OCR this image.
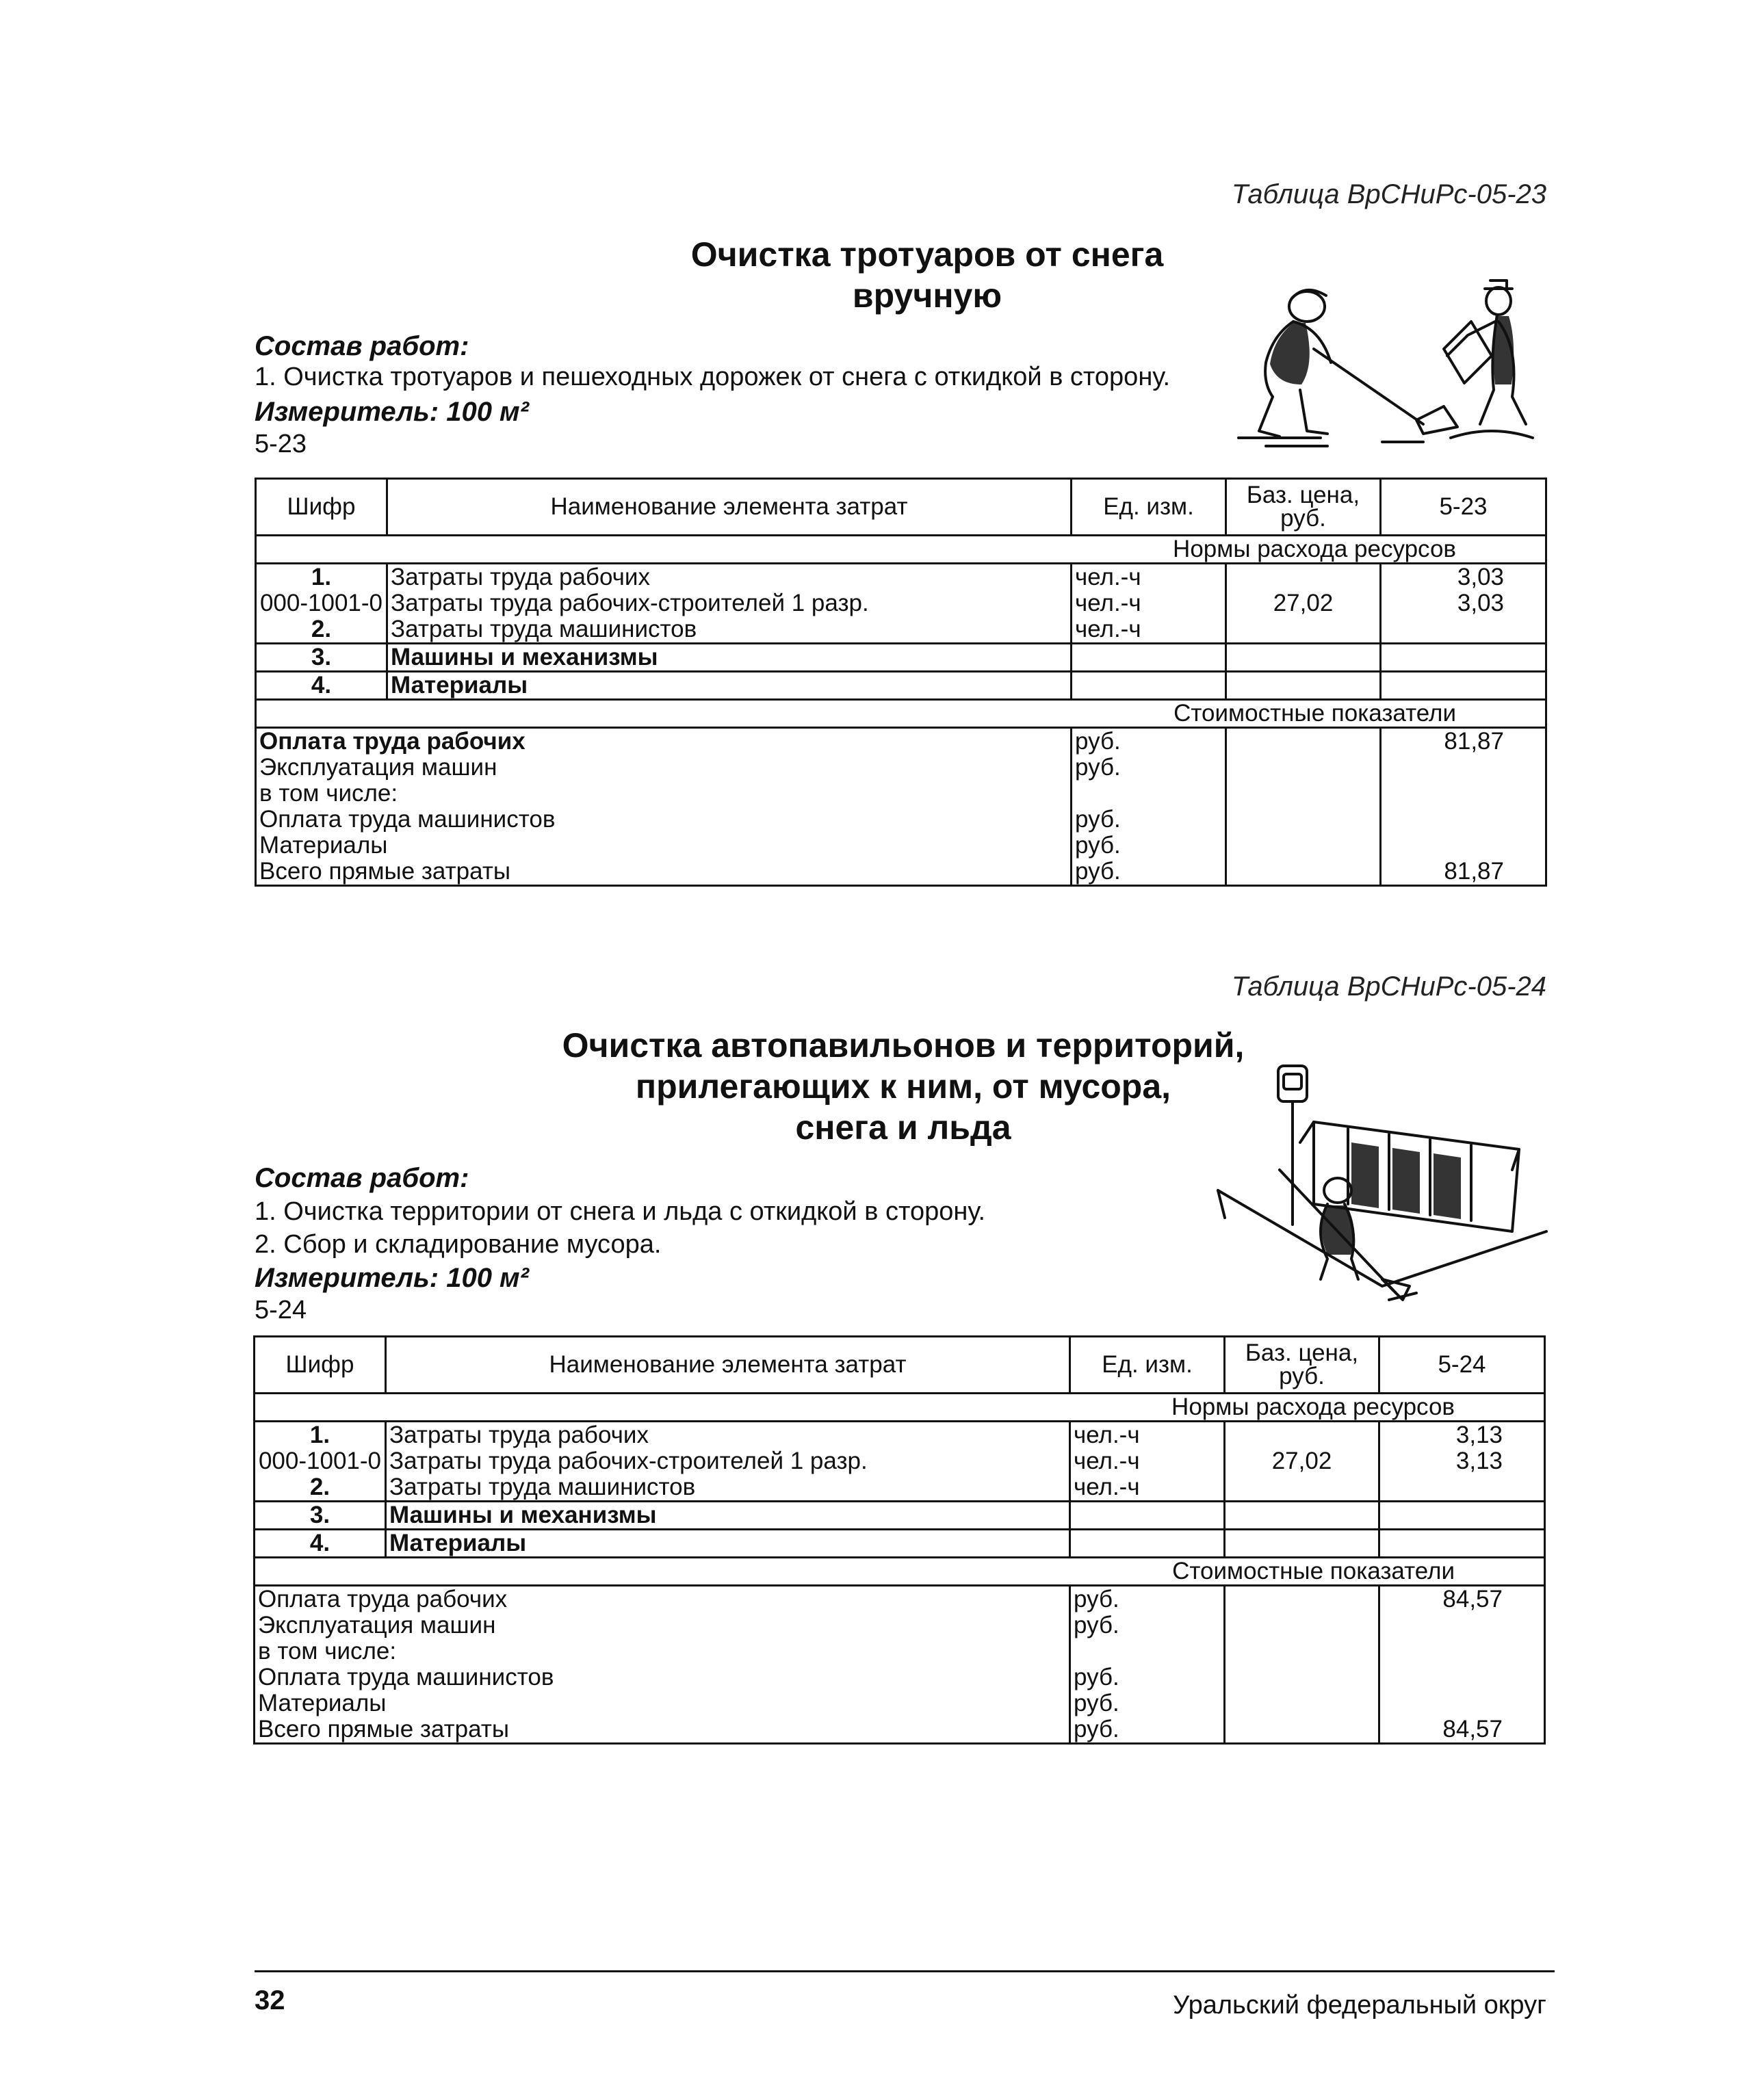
Таблица ВрСНиРс-05-23
Очистка тротуаров от снега
вручную
Состав работ:
1. Очистка тротуаров и пешеходных дорожек от снега с откидкой в сторону.
Измеритель: 100 м²
5-23
Шифр	Наименование элемента затрат	Ед. изм.	Баз. цена, руб.	5-23
Нормы расхода ресурсов				
1.	Затраты труда рабочих	чел.-ч		3,03
000-1001-0	Затраты труда рабочих-строителей 1 разр.	чел.-ч	27,02	3,03
2.	Затраты труда машинистов	чел.-ч		
3.	Машины и механизмы			
4.	Материалы			
Стоимостные показатели				
Оплата труда рабочих		руб.		81,87
Эксплуатация машин		руб.		
в том числе:				
Оплата труда машинистов		руб.		
Материалы		руб.		
Всего прямые затраты		руб.		81,87
Таблица ВрСНиРс-05-24
Очистка автопавильонов и территорий,
прилегающих к ним, от мусора,
снега и льда
Состав работ:
1. Очистка территории от снега и льда с откидкой в сторону.
2. Сбор и складирование мусора.
Измеритель: 100 м²
5-24
Шифр	Наименование элемента затрат	Ед. изм.	Баз. цена, руб.	5-24
Нормы расхода ресурсов				
1.	Затраты труда рабочих	чел.-ч		3,13
000-1001-0	Затраты труда рабочих-строителей 1 разр.	чел.-ч	27,02	3,13
2.	Затраты труда машинистов	чел.-ч		
3.	Машины и механизмы			
4.	Материалы			
Стоимостные показатели				
Оплата труда рабочих		руб.		84,57
Эксплуатация машин		руб.		
в том числе:				
Оплата труда машинистов		руб.		
Материалы		руб.		
Всего прямые затраты		руб.		84,57
32	Уральский федеральный округ
